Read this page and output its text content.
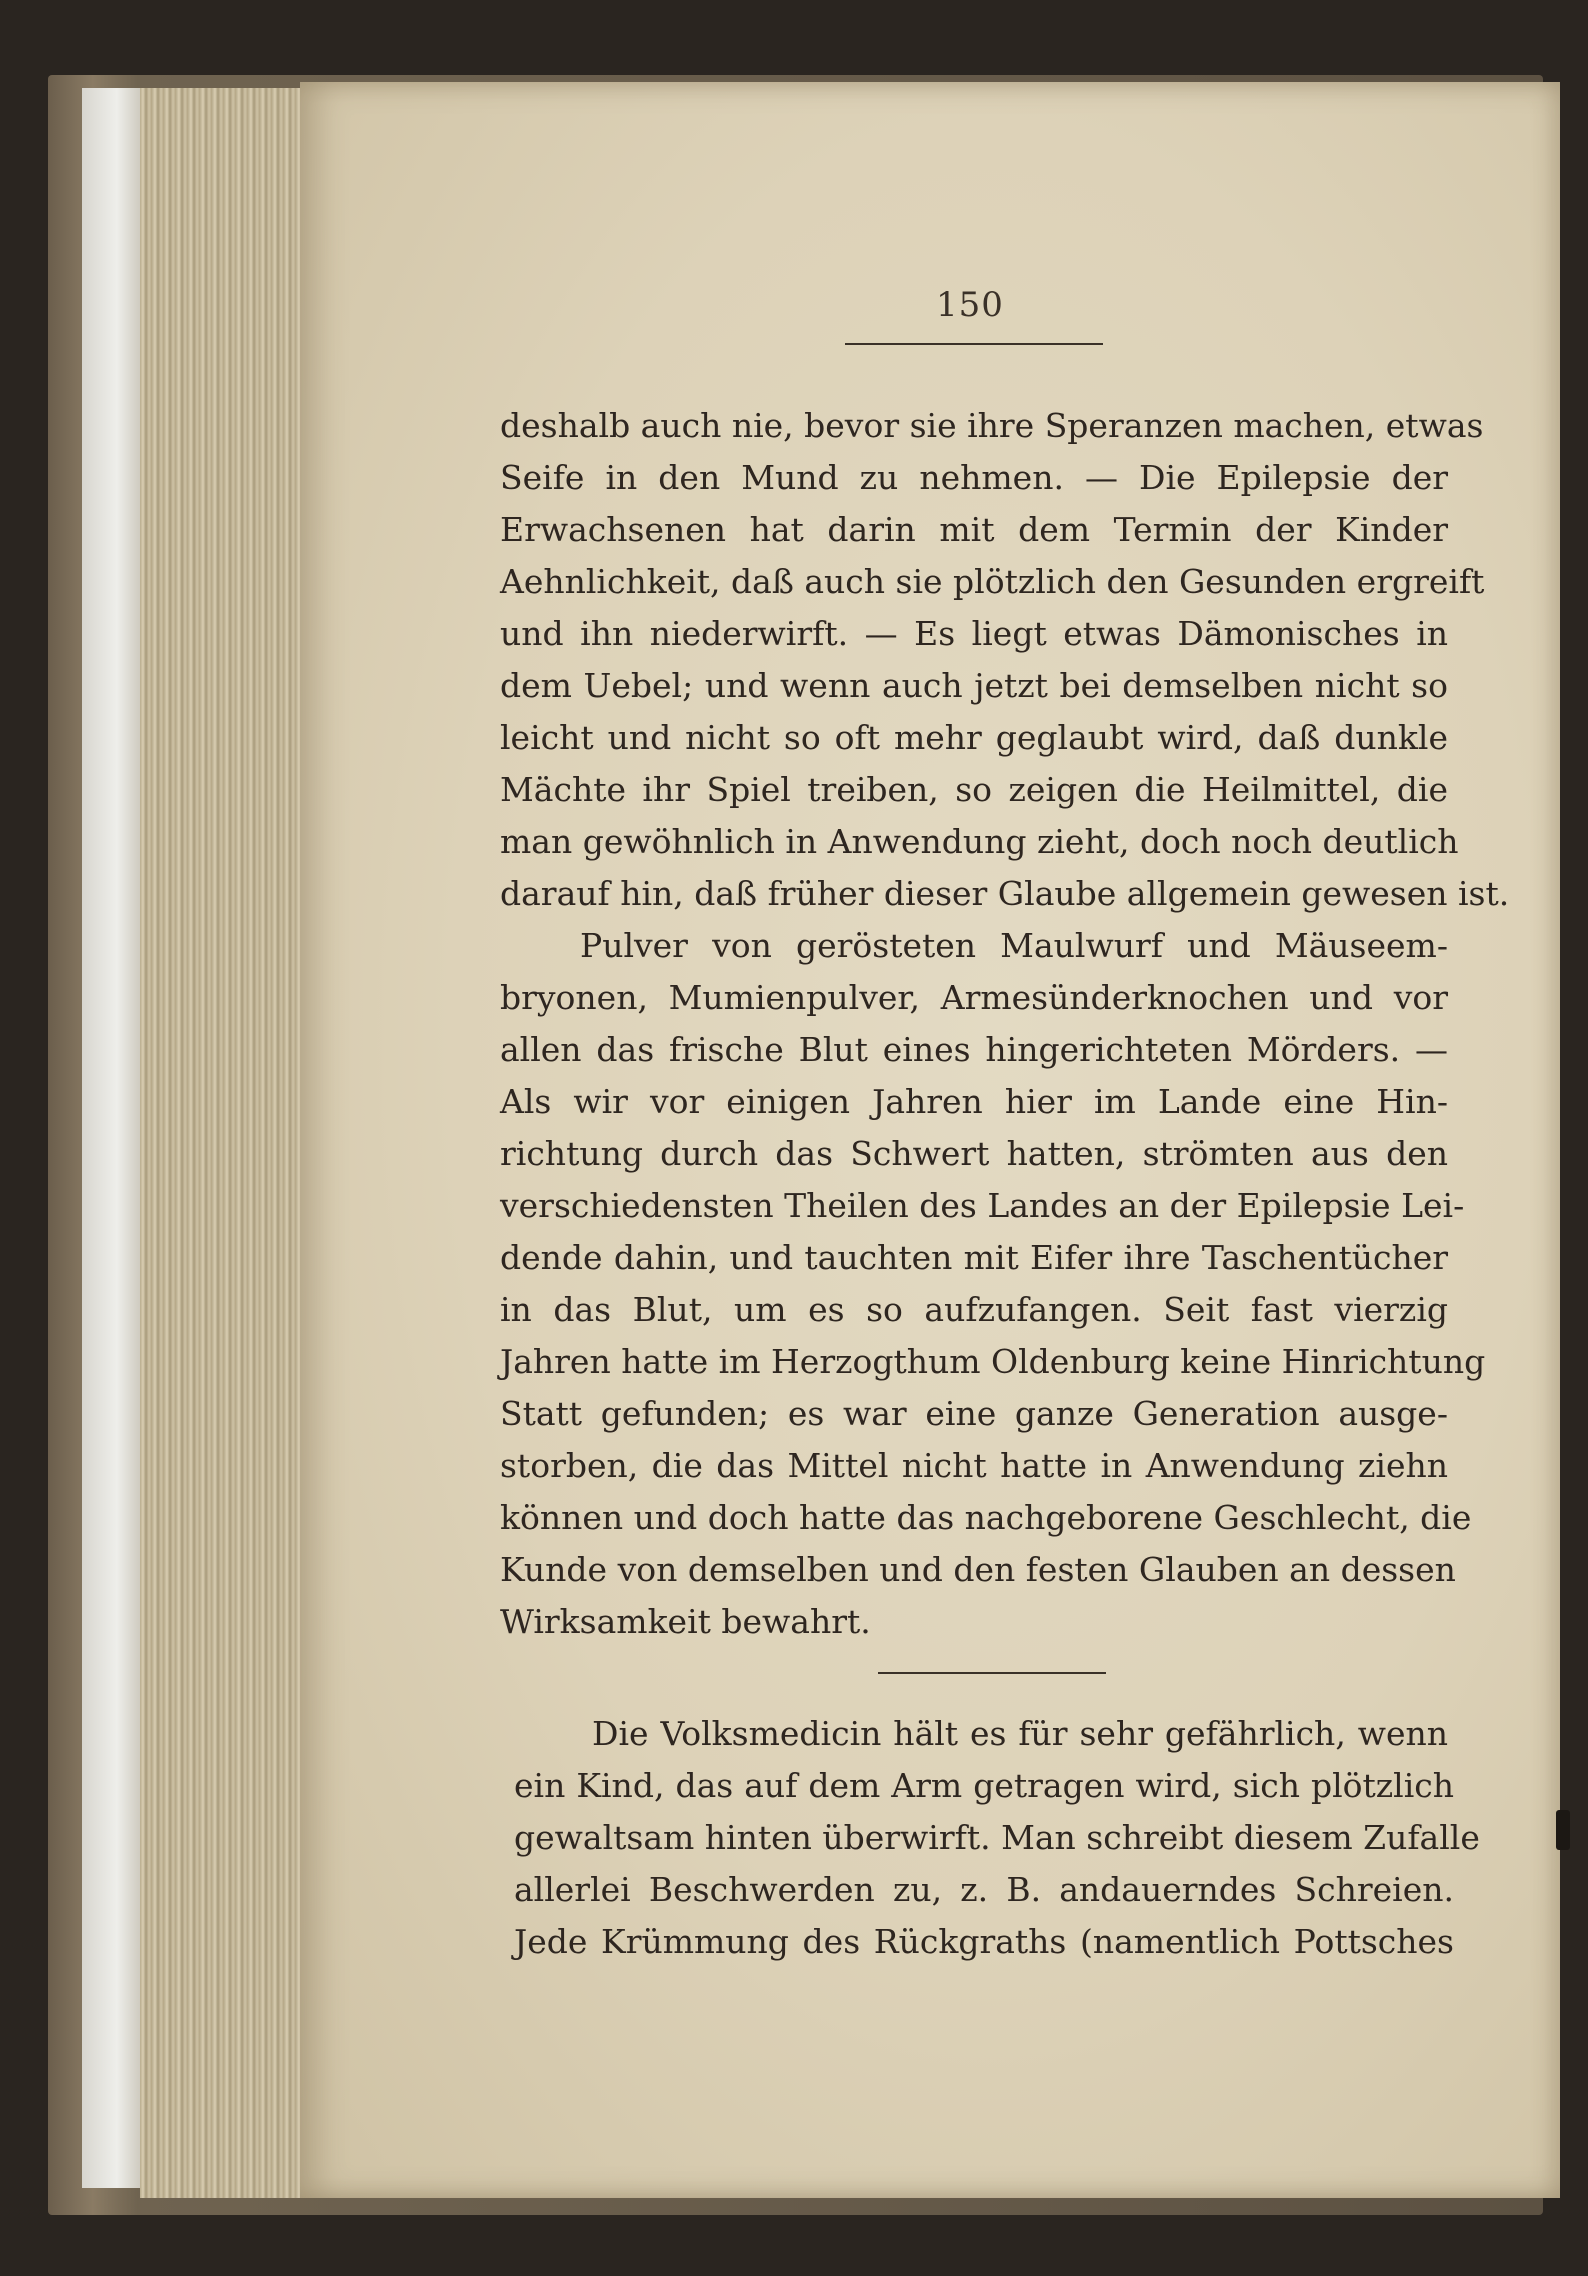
150
deshalb auch nie, bevor sie ihre Speranzen machen, etwas
Seife in den Mund zu nehmen. — Die Epilepsie der
Erwachsenen hat darin mit dem Termin der Kinder
Aehnlichkeit, daß auch sie plötzlich den Gesunden ergreift
und ihn niederwirft. — Es liegt etwas Dämonisches in
dem Uebel; und wenn auch jetzt bei demselben nicht so
leicht und nicht so oft mehr geglaubt wird, daß dunkle
Mächte ihr Spiel treiben, so zeigen die Heilmittel, die
man gewöhnlich in Anwendung zieht, doch noch deutlich
darauf hin, daß früher dieser Glaube allgemein gewesen ist.
Pulver von gerösteten Maulwurf und Mäuseem-
bryonen, Mumienpulver, Armesünderknochen und vor
allen das frische Blut eines hingerichteten Mörders. —
Als wir vor einigen Jahren hier im Lande eine Hin-
richtung durch das Schwert hatten, strömten aus den
verschiedensten Theilen des Landes an der Epilepsie Lei-
dende dahin, und tauchten mit Eifer ihre Taschentücher
in das Blut, um es so aufzufangen. Seit fast vierzig
Jahren hatte im Herzogthum Oldenburg keine Hinrichtung
Statt gefunden; es war eine ganze Generation ausge-
storben, die das Mittel nicht hatte in Anwendung ziehn
können und doch hatte das nachgeborene Geschlecht, die
Kunde von demselben und den festen Glauben an dessen
Wirksamkeit bewahrt.
Die Volksmedicin hält es für sehr gefährlich, wenn
ein Kind, das auf dem Arm getragen wird, sich plötzlich
gewaltsam hinten überwirft. Man schreibt diesem Zufalle
allerlei Beschwerden zu, z. B. andauerndes Schreien.
Jede Krümmung des Rückgraths (namentlich Pottsches
